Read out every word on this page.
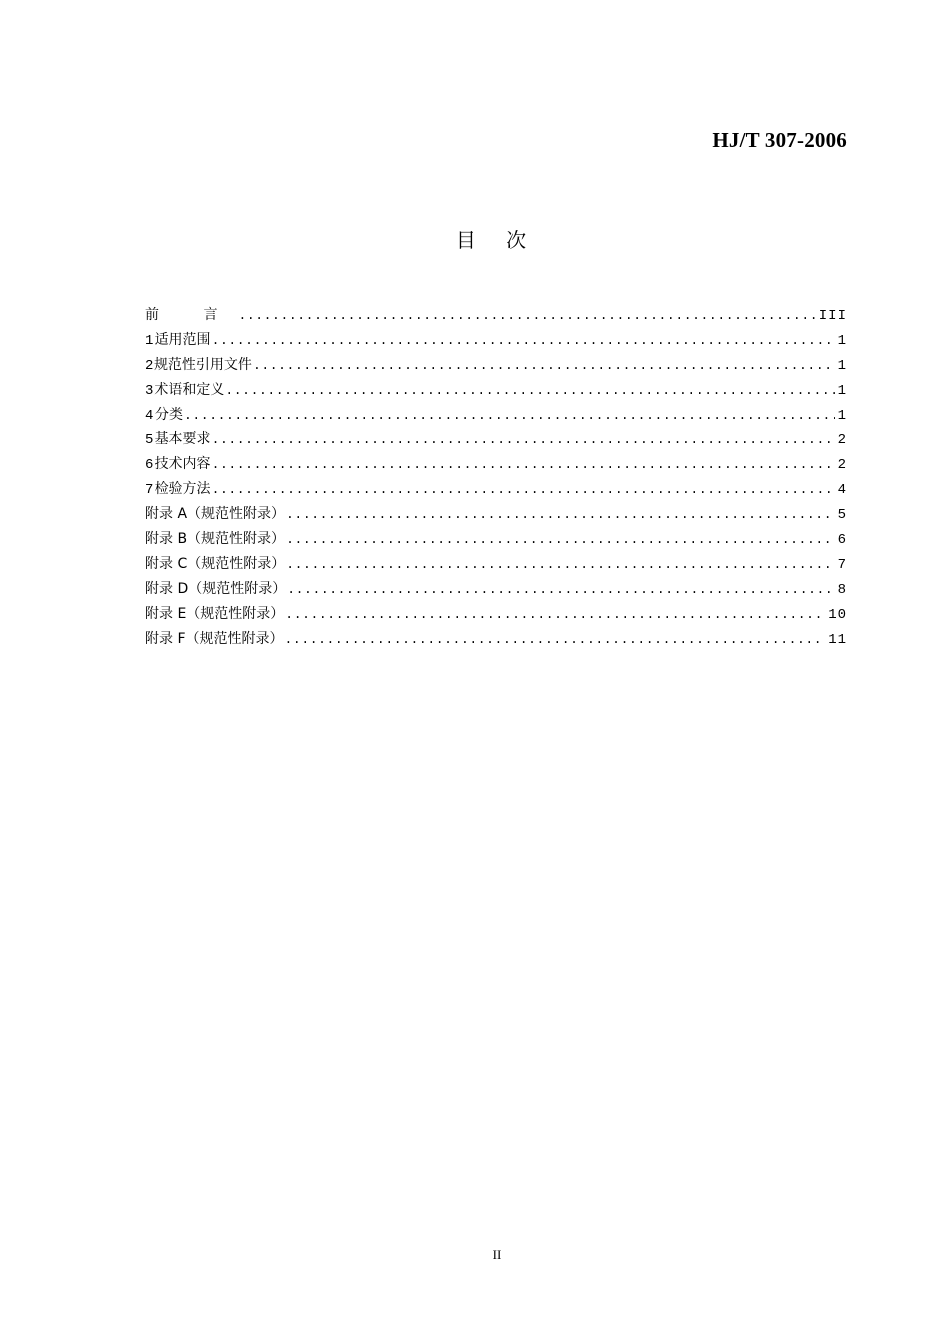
HJ/T 307-2006
目 次
前 言 .....	III
1 适用范围 .....	1
2 规范性引用文件 .....	1
3 术语和定义 .....	1
4 分类 .....	1
5 基本要求 .....	2
6 技术内容 .....	2
7 检验方法 .....	4
附录 A（规范性附录） .....	5
附录 B（规范性附录） .....	6
附录 C（规范性附录） .....	7
附录 D（规范性附录） .....	8
附录 E（规范性附录） .....	10
附录 F（规范性附录） .....	11
II
